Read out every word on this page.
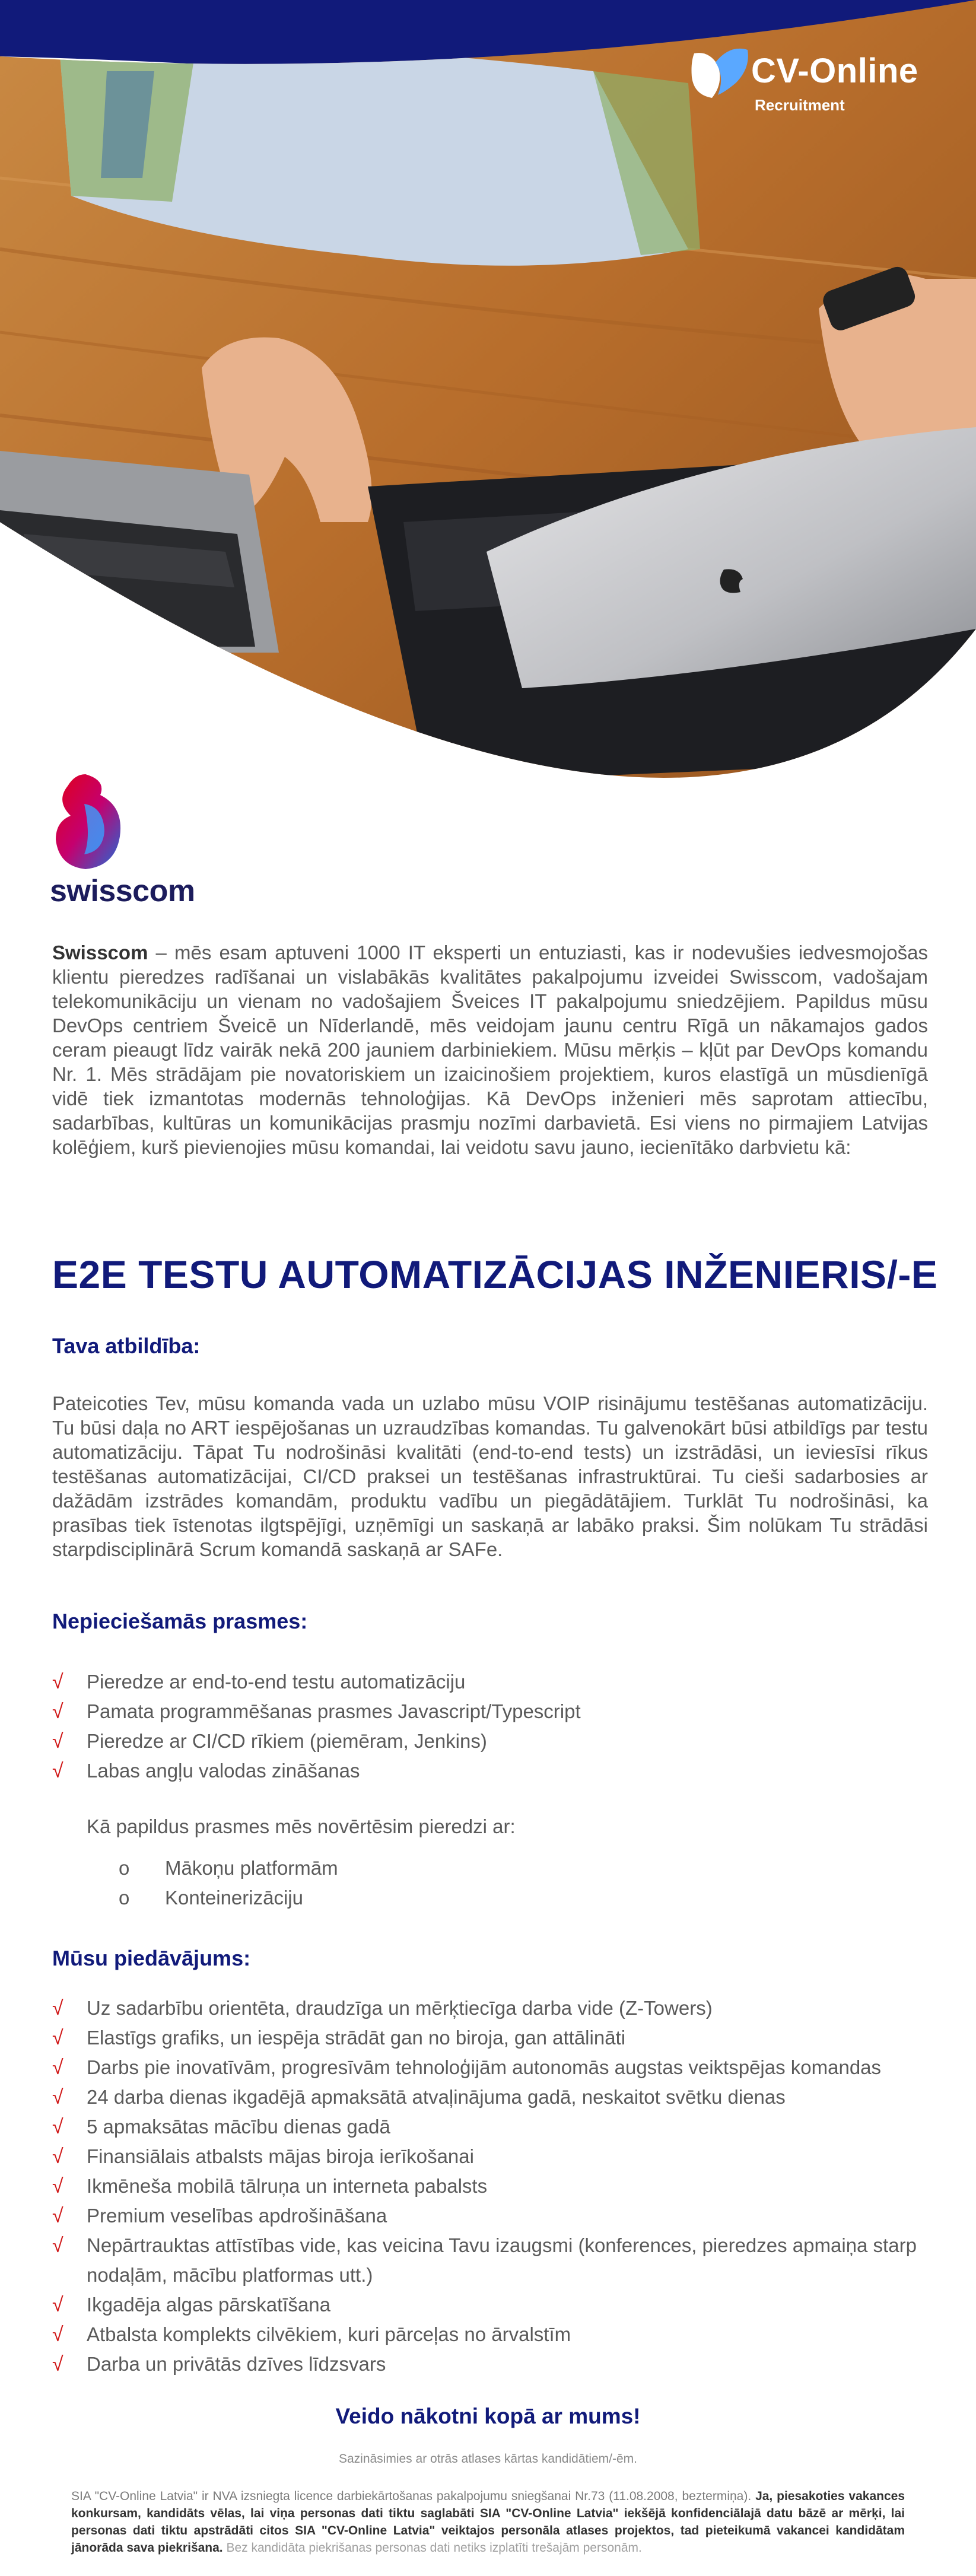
CV-Online
Recruitment
swisscom

Swisscom – mēs esam aptuveni 1000 IT eksperti un entuziasti, kas ir nodevušies iedvesmojošas klientu pieredzes radīšanai un vislabākās kvalitātes pakalpojumu izveidei Swisscom, vadošajam telekomunikāciju un vienam no vadošajiem Šveices IT pakalpojumu sniedzējiem. Papildus mūsu DevOps centriem Šveicē un Nīderlandē, mēs veidojam jaunu centru Rīgā un nākamajos gados ceram pieaugt līdz vairāk nekā 200 jauniem darbiniekiem. Mūsu mērķis – kļūt par DevOps komandu Nr. 1. Mēs strādājam pie novatoriskiem un izaicinošiem projektiem, kuros elastīgā un mūsdienīgā vidē tiek izmantotas modernās tehnoloģijas. Kā DevOps inženieri mēs saprotam attiecību, sadarbības, kultūras un komunikācijas prasmju nozīmi darbavietā. Esi viens no pirmajiem Latvijas kolēģiem, kurš pievienojies mūsu komandai, lai veidotu savu jauno, iecienītāko darbvietu kā:

E2E TESTU AUTOMATIZĀCIJAS INŽENIERIS/-E
Tava atbildība:

Pateicoties Tev, mūsu komanda vada un uzlabo mūsu VOIP risinājumu testēšanas automatizāciju. Tu būsi daļa no ART iespējošanas un uzraudzības komandas. Tu galvenokārt būsi atbildīgs par testu automatizāciju. Tāpat Tu nodrošināsi kvalitāti (end-to-end tests) un izstrādāsi, un ieviesīsi rīkus testēšanas automatizācijai, CI/CD praksei un testēšanas infrastruktūrai. Tu cieši sadarbosies ar dažādām izstrādes komandām, produktu vadību un piegādātājiem. Turklāt Tu nodrošināsi, ka prasības tiek īstenotas ilgtspējīgi, uzņēmīgi un saskaņā ar labāko praksi. Šim nolūkam Tu strādāsi starpdisciplinārā Scrum komandā saskaņā ar SAFe.

Nepieciešamās prasmes:
√ Pieredze ar end-to-end testu automatizāciju
√ Pamata programmēšanas prasmes Javascript/Typescript
√ Pieredze ar CI/CD rīkiem (piemēram, Jenkins)
√ Labas angļu valodas zināšanas
Kā papildus prasmes mēs novērtēsim pieredzi ar:
o Mākoņu platformām
o Konteinerizāciju
Mūsu piedāvājums:
√ Uz sadarbību orientēta, draudzīga un mērķtiecīga darba vide (Z-Towers)
√ Elastīgs grafiks, un iespēja strādāt gan no biroja, gan attālināti
√ Darbs pie inovatīvām, progresīvām tehnoloģijām autonomās augstas veiktspējas komandas
√ 24 darba dienas ikgadējā apmaksātā atvaļinājuma gadā, neskaitot svētku dienas
√ 5 apmaksātas mācību dienas gadā
√ Finansiālais atbalsts mājas biroja ierīkošanai
√ Ikmēneša mobilā tālruņa un interneta pabalsts
√ Premium veselības apdrošināšana
√ Nepārtrauktas attīstības vide, kas veicina Tavu izaugsmi (konferences, pieredzes apmaiņa starp nodaļām, mācību platformas utt.)
√ Ikgadēja algas pārskatīšana
√ Atbalsta komplekts cilvēkiem, kuri pārceļas no ārvalstīm
√ Darba un privātās dzīves līdzsvars
Veido nākotni kopā ar mums!
Sazināsimies ar otrās atlases kārtas kandidātiem/-ēm.

SIA "CV-Online Latvia" ir NVA izsniegta licence darbiekārtošanas pakalpojumu sniegšanai Nr.73 (11.08.2008, beztermiņa). Ja, piesakoties vakances konkursam, kandidāts vēlas, lai viņa personas dati tiktu saglabāti SIA "CV-Online Latvia" iekšējā konfidenciālajā datu bāzē ar mērķi, lai personas dati tiktu apstrādāti citos SIA "CV-Online Latvia" veiktajos personāla atlases projektos, tad pieteikumā vakancei kandidātam jānorāda sava piekrišana. Bez kandidāta piekrišanas personas dati netiks izplatīti trešajām personām.
